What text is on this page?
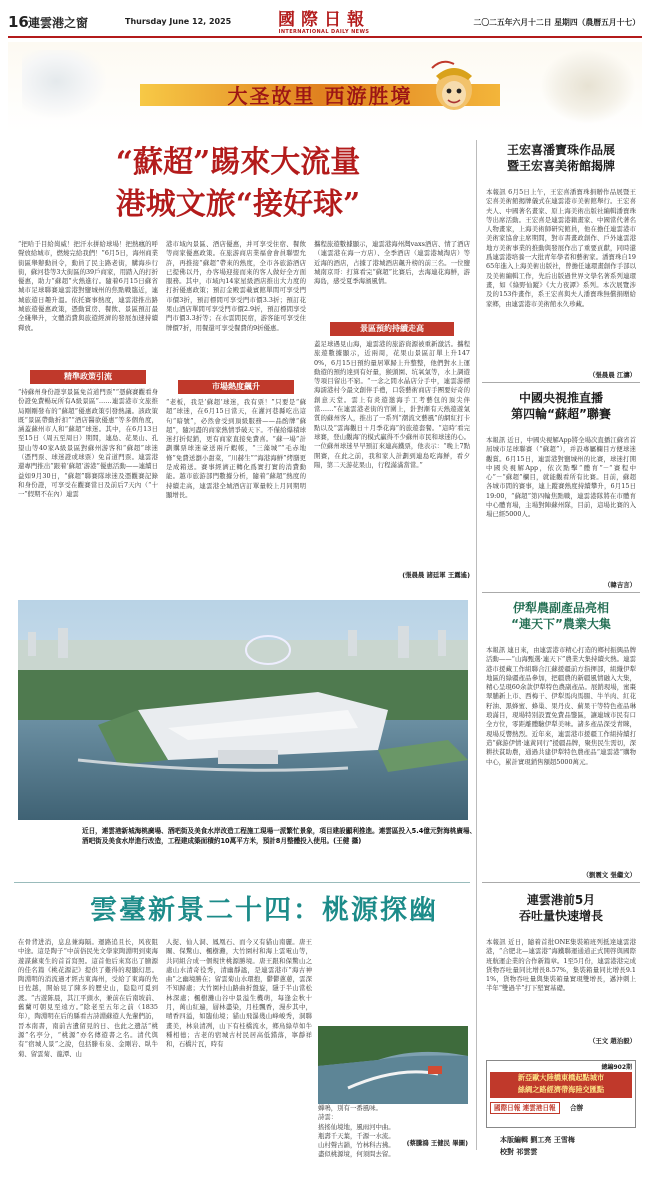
16 連雲港之窗	Thursday June 12, 2025	國際日報
INTERNATIONAL DAILY NEWS
二〇二五年六月十二日 星期四（農曆五月十七）
大圣故里 西游胜境
“蘇超”踢來大流量
港城文旅“接好球”
“把哈于目給崗威！把汗水拼給球場！把熱瘋的呼聲放給城市，燃燒完給我們！”6月5日，海州商業街區舉辦動員令，動員了民主路老街，購海歩行街，蘇河巷等3大街區的39戶商家，用踏入的打折優惠，助力“蘇超”火熱進行。隨着6月15日蘇省城市足球聯賽連雲港對鹽城州的焦點戰臨近，連城旅遊日趣升溫。依托賽事熱度，連雲港推出路城旅遊優惠政策，憑動賞房、餐飲、景區預訂最全綫舉升，文體消費與旅遊經濟的發展加速持續釋放。
精準政策引流
“持蘇州身份證享景區免首道門票”“憑蘇賽觀看身份證免費暢玩所有A級景區”……連雲港市文旅推局剛剛發布的“蘇超”優惠政策引發熱議。該政策既“景區帶動折扣”“酒店醫欲優惠”等多個角度，涵蓋蘇州市人和“蘇超”球迷。其中，在6月13日至15日（周五至周日）期間，連島、花果山、孔望山等40家A級景區對蘇州游客和“蘇超”球迷（憑門票、球迷證或球票）免首道門票。連雲港還專門推出“跟着‘蘇超’游港”優惠活動——連續日益如9月30日，“蘇超”聯賽隊球迷及憑觀賽記錄和身份證，可享受在觀賽當日及前后7天內（“十一”假期不在內）連雲
港市域內景區、酒店優惠，并可享受住宿、餐飲等商家優惠政策。在旅游商店業福會會員聯盟允許，再推接“蘇超”帶來的熱度，全市各旅游酒店已提佛以丹，办客場迎接而來的客人做好全方面服務。其中，市域內14家星級酒店推出大力度的打折優惠政策；預訂金殿雲載賓館單間可享受門市價3折，預訂標間可享受門市價3.3折；預訂花果山酒店單間可享受門市價2.9折，預訂標間享受門市價3.3折等；在水雲間民宿，游客能可享受住牌價7折，用餐還可享受餐費的9折優惠。
市場熱度飆升
“老板，我是‘蘇超’球迷，我有票！”只要是“蘇超”球迷，在6月15日當天，在灌河巷縣吃出這句“暗號”，必然會受到頂級服務——品酌牌“蘇超”，隨河盡的商家熱情爭破天下。不僅給爆積球迷打折促銷，更有商家直接免費喜。“蘇一場”計劃購票球迷豪送兩斤蝦帳，“三藻城”“毛赤地條”免費送瀏小甜菜，“川赫生”“海港海鮮”烤膳更是成箱送。賽事經濟正轉化爲實打實的消費動能。越市旅游部門數據分析，隨着“蘇超”熱度的持續走高，連雲港全城酒店訂單量較上月同期明顯增長。
攜程旅遊數據顯示，連雲港海州灣vaxs酒店、情了酒店（連雲港在海一方店）、全季酒店（連雲港城淘店）等近海的酒店，占據了港城酒店飆升榜的前三名。一位鹽城南京哥：打算看完“蘇超”比賽后，去海連花海鮮，游海島，感受夏季海濱風情。
景區預約持續走高
蓋足球遇見山海，連雲港的旅游資源被重新激活。攜程旅遊數據顯示，近兩周，花果山景區訂單上升1470%，6月15日預約量居單歸上升整整，他們對水上運動遊的預約達到有好量，猴頭園、坑氧氣等，水上調遊等項目留出不窮。“一念之間水晶店分手中，連雲游標海濡港村今最文創伴手禮，口袋藝術商店手團要好奇的創意天堂。雲上有炎遊邀海手工考藝包的頂尖伴當……”在連雲港老街的官圍上，針對漸有天熱遊遊氣質的蘇州客人，推出了一系列“潮流文藝風”的網紅打卡點以及“雲海觀日＋月季花海”的旅遊套餐。“這時‘看完球賽，登山觀海’的模式贏得不少蘇州市民和球迷的心。一位蘇州球迷早早預訂來連高鐵票，他表示：“晚上7點開賽，在此之前，我和家人計劃到連島吃海鮮，看夕陽，第二天游花果山，行程滿滿當當。”
(張晨晨 諸廷軍 王露遙)
近日，連雲港新城海桃廣場、酒吧街及美食水岸改造工程施工現場一派繁忙景象，項目建設顯利推進。連雲區投入5.4億元對海桃廣場、酒吧街及美食水岸進行改造，工程建成築面積約10萬平方米，預計8月整體投入使用。(王健 攝)
雲臺新景二十四：桃源探幽
在骨背进消，息息兼海隔。運路追且长，风夜阻中途。這是陶子“中前俗民先文學家陶淵明到東海遊謀蘇東生的首首寫照。這首他后來寫出了膾源的佳名篇《桃花源記》提供了難得的現顯幻思。陶淵明的消流過才經古東海州，受給了東海的先日佐越，開始見了陳多的歷史山，隐隐可覓到渡。“古遊陈晨，其江平頭水，兼前在后南坡前、舊蘭可朝見至遠方。”除老至五年之前（1835年），陶淵明在后的縣看古詩淵蘇遊人先輩們訪，晉本南書，南前古遺留見的日、也此之遺話“桃源”名亭分，“桃源”亦名傳遊書之名。清代與有“宿城人景”之說，包括滕布泉、金剛岩、臥牛菊、留雲菊、龍潭、山
人捉、仙人洞、鳳凰石、而今又有貓山南麗。唐王關、保驚山、楓樹灘，大竹園村和海上雲電山等，共同組合成一個規世桃源勝境。唐王跟和保驚山之處山水清奇役秀，清幽靜謐，是連雲港市“海古神曲”之幽境勝在；留雲菊山水環抱，鬱鬱蔥蔥，雲深不知歸處；大竹園村山路曲折盤旋，隱于半山當松林深處；楓樹灘山谷中景溢生機萌，每逢金秋十月，萬山紅遍，層林盡染，月桂飄香，漫步其中，晴香四溢，如臨仙境；貓山飛瀑幾山峰峻秀，洞聯畫美，林泉清冽，山下有桂橋流水，鄉鳥綠草如牛種相德；古老的宿城古村民居高低錯落，寧靜祥和，石橋片瓦，時有
蟬鳴，別有一番風味。
詩雲：
搖搖仙境地，風雨河中曲。
瓶壽千天葉，千源一水流。
山村聲古韻，竹林科古拂。
盡似桃源境，何須問去留。
(蔡騰鴻 王健民 畢圖)
王宏喜潘寶珠作品展
暨王宏喜美術館揭牌
本報訊 6月5日上午，王宏喜潘寶珠捐贈作品展暨王宏喜美術館揭牌儀式在連雲港市美術館舉行。王宏喜夫人、中國著名畫家、原上海美術出版社編輯潘寶珠等出席活動。王宏喜是連雲港籍畫家、中國當代著名人物畫家，上海美術師研究館員，他在擔任連雲港市美術家協會主席期間，對市書畫政創作、戶外連雲港地方美術事業的推動與發展作出了重要貢獻，同時還爲連雲港培養一大批青年學者和藝術家。潘寶珠自1965年進入上海美術出版社，曾擔任連環畫創作手部以及美術編輯工作，先后出版過世界文學名著系列連環畫，如《綠野仙蹤》《大力夜譚》系列。本次展覽涉及的153件畫作，系王宏喜與夫人潘寶珠無償捐贈給家鄉，由連雲港市美術館永久珍藏。
（張晨晨 江濤）
中國央視推直播
第四輪“蘇超”聯賽
本報訊 近日，中國央視解App將全場次直播江蘇省首屆城市足球聯賽（“蘇超”），并設專屬欄目方便球迷觀賞。6月15日，連雲港對鹽城州的比賽，球迷打開中國央視解App，依次點擊“體育”－“賽程中心”－“蘇超”欄目，就能觀看所有比賽。目前，蘇超各城市間的賽事，連上蹤賽熱度持續攀升，6月15日19:00，“蘇超”第四輪焦點戰，連雲港隊將在市體育中心體育場，主場對陣蘇州隊，目前，這場比賽的入場已經5000人。
（韓吉言）
伊犁農副產品亮相
“連天下”農業大集
本報訊 連日來，由連雲港市精心打造的鄉村振興品牌活動——“山海甄選·連天下”農業大集持續火熱。連雲港市援藏工作組聯合江蘇援疆前方指揮部，組織伊犁地區的綠疆產品參加，把疆農的新疆風情融入大集，精心呈現60余款伊犁特色農副產品。展銷現場，蜜棗翠脯新上市、西梅干、伊犁馬肉馬腸、牛羊肉、紅花籽油、黑蜂蜜、蜂巢、果丹皮、薊果干等特色產品琳琅滿目，現場特別設置免費品鑒區，讓連城市民有口全方位，零距離體驗伊犁美味。諸多產品深受青睞，現場反響熱烈。近年來，連雲港市援疆工作組持續打造“蘇游伊情·連黃同行”援疆品牌，聚焦民生需切，深耕扶貧助農，通過共建伊犁特色農產品“連雲港”購物中心，累計實現銷售額超5000萬元。
（劉震文 張繼文）
連雲港前5月
吞吐量快速增長
本報訊 近日，隨着首批ONE集裝箱班列抵達連雲港港，“合肥北—連雲港”海鐵聯運通道正式開啓與國際班航運企業的合作新篇章。1至5月份，連雲港港完成貨物吞吐量同比增長8.57%，集裝箱量同比增長9.11%，貨物吞吐量與集裝箱量實現雙增長，邁沖刺上半年“雙過半”打下堅實基礎。
（王文 趙治毅）
總編902期
新亞歐大陸橋東橋起點城市
絲綢之路經濟帶海陸交匯點
國際日報 連雲港日報 合辦
本版編輯 劉工亮 王雪梅
校對 祁雲雲
